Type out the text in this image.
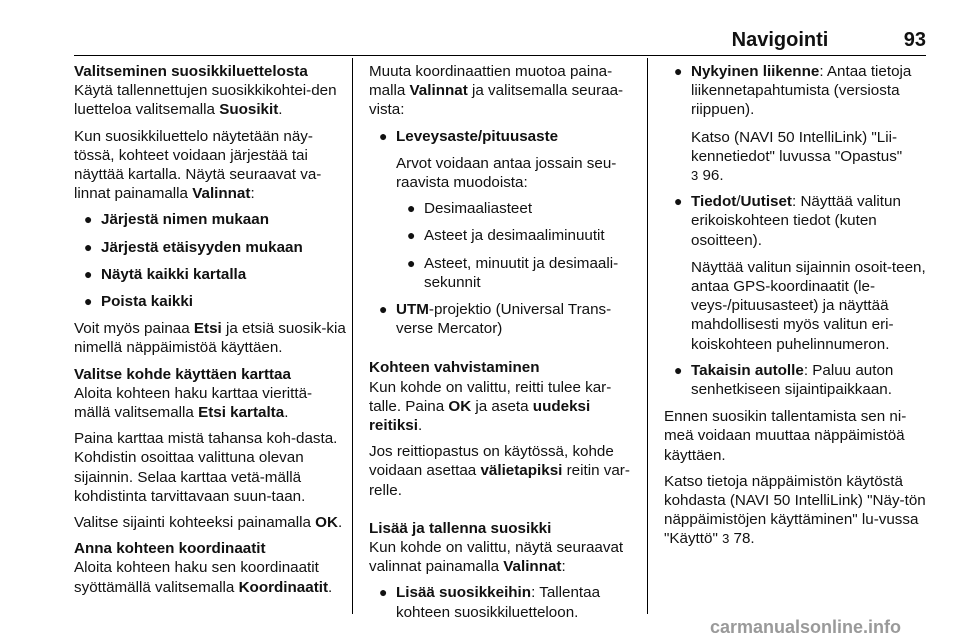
Navigointi	93
Valitseminen suosikkiluettelosta

Käytä tallennettujen suosikkikohtei-den luetteloa valitsemalla Suosikit.

Kun suosikkiluettelo näytetään näy-tössä, kohteet voidaan järjestää tai näyttää kartalla. Näytä seuraavat va-linnat painamalla Valinnat:

● Järjestä nimen mukaan
● Järjestä etäisyyden mukaan
● Näytä kaikki kartalla
● Poista kaikki

Voit myös painaa Etsi ja etsiä suosik-kia nimellä näppäimistöä käyttäen.

Valitse kohde käyttäen karttaa

Aloita kohteen haku karttaa vierittä-mällä valitsemalla Etsi kartalta.

Paina karttaa mistä tahansa koh-dasta. Kohdistin osoittaa valittuna olevan sijainnin. Selaa karttaa vetä-mällä kohdistinta tarvittavaan suun-taan.

Valitse sijainti kohteeksi painamalla OK.

Anna kohteen koordinaatit

Aloita kohteen haku sen koordinaatit syöttämällä valitsemalla Koordinaatit.

Muuta koordinaattien muotoa paina-malla Valinnat ja valitsemalla seuraa-vista:

● Leveysaste/pituusaste

Arvot voidaan antaa jossain seu-raavista muodoista:

● Desimaaliasteet
● Asteet ja desimaaliminuutit
● Asteet, minuutit ja desimaali-sekunnit
● UTM-projektio (Universal Trans-verse Mercator)
Kohteen vahvistaminen

Kun kohde on valittu, reitti tulee kar-talle. Paina OK ja aseta uudeksi reitiksi.

Jos reittiopastus on käytössä, kohde voidaan asettaa välietapiksi reitin var-relle.

Lisää ja tallenna suosikki

Kun kohde on valittu, näytä seuraavat valinnat painamalla Valinnat:

● Lisää suosikkeihin: Tallentaa kohteen suosikkiluetteloon.
● Nykyinen liikenne: Antaa tietoja liikennetapahtumista (versiosta riippuen).

Katso (NAVI 50 IntelliLink) "Lii-kennetiedot" luvussa "Opastus"
3 96.

● Tiedot/Uutiset: Näyttää valitun erikoiskohteen tiedot (kuten osoitteen).

Näyttää valitun sijainnin osoit-teen, antaa GPS-koordinaatit (le-veys-/pituusasteet) ja näyttää mahdollisesti myös valitun eri-koiskohteen puhelinnumeron.

● Takaisin autolle: Paluu auton senhetkiseen sijaintipaikkaan.

Ennen suosikin tallentamista sen ni-meä voidaan muuttaa näppäimistöä käyttäen.

Katso tietoja näppäimistön käytöstä kohdasta (NAVI 50 IntelliLink) "Näy-tön näppäimistöjen käyttäminen" lu-vussa "Käyttö" 3 78.

carmanualsonline.info
